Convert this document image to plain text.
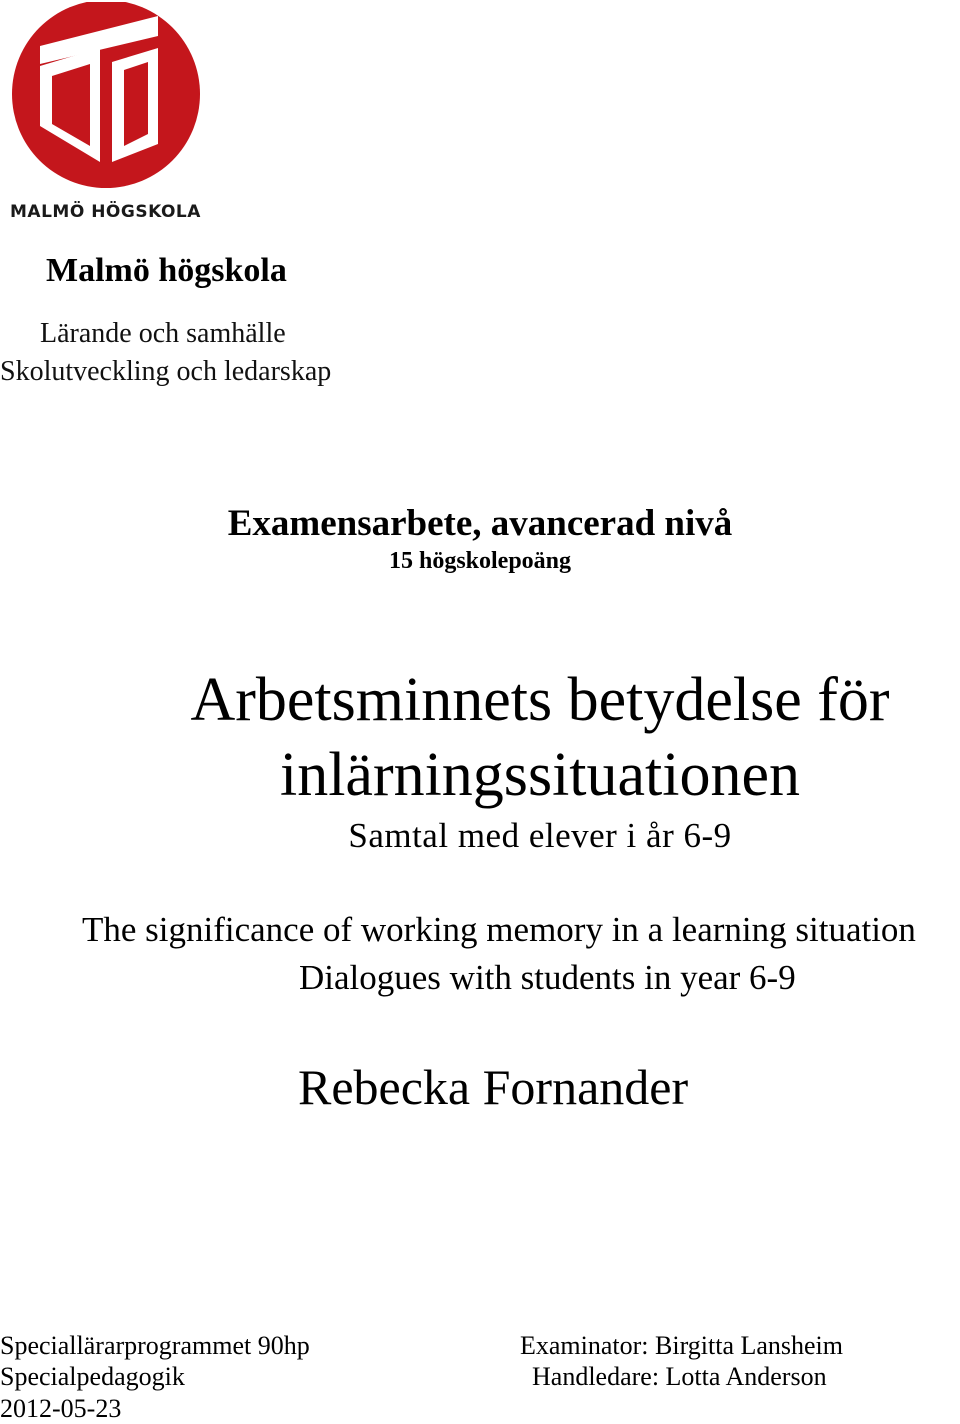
MALMÖ HÖGSKOLA
Malmö högskola
Lärande och samhälle
Skolutveckling och ledarskap
Examensarbete, avancerad nivå
15 högskolepoäng
Arbetsminnets betydelse för
inlärningssituationen
Samtal med elever i år 6-9
The significance of working memory in a learning situation
Dialogues with students in year 6-9
Rebecka Fornander
Speciallärarprogrammet 90hp
Specialpedagogik
2012-05-23
Examinator: Birgitta Lansheim
Handledare: Lotta Anderson
